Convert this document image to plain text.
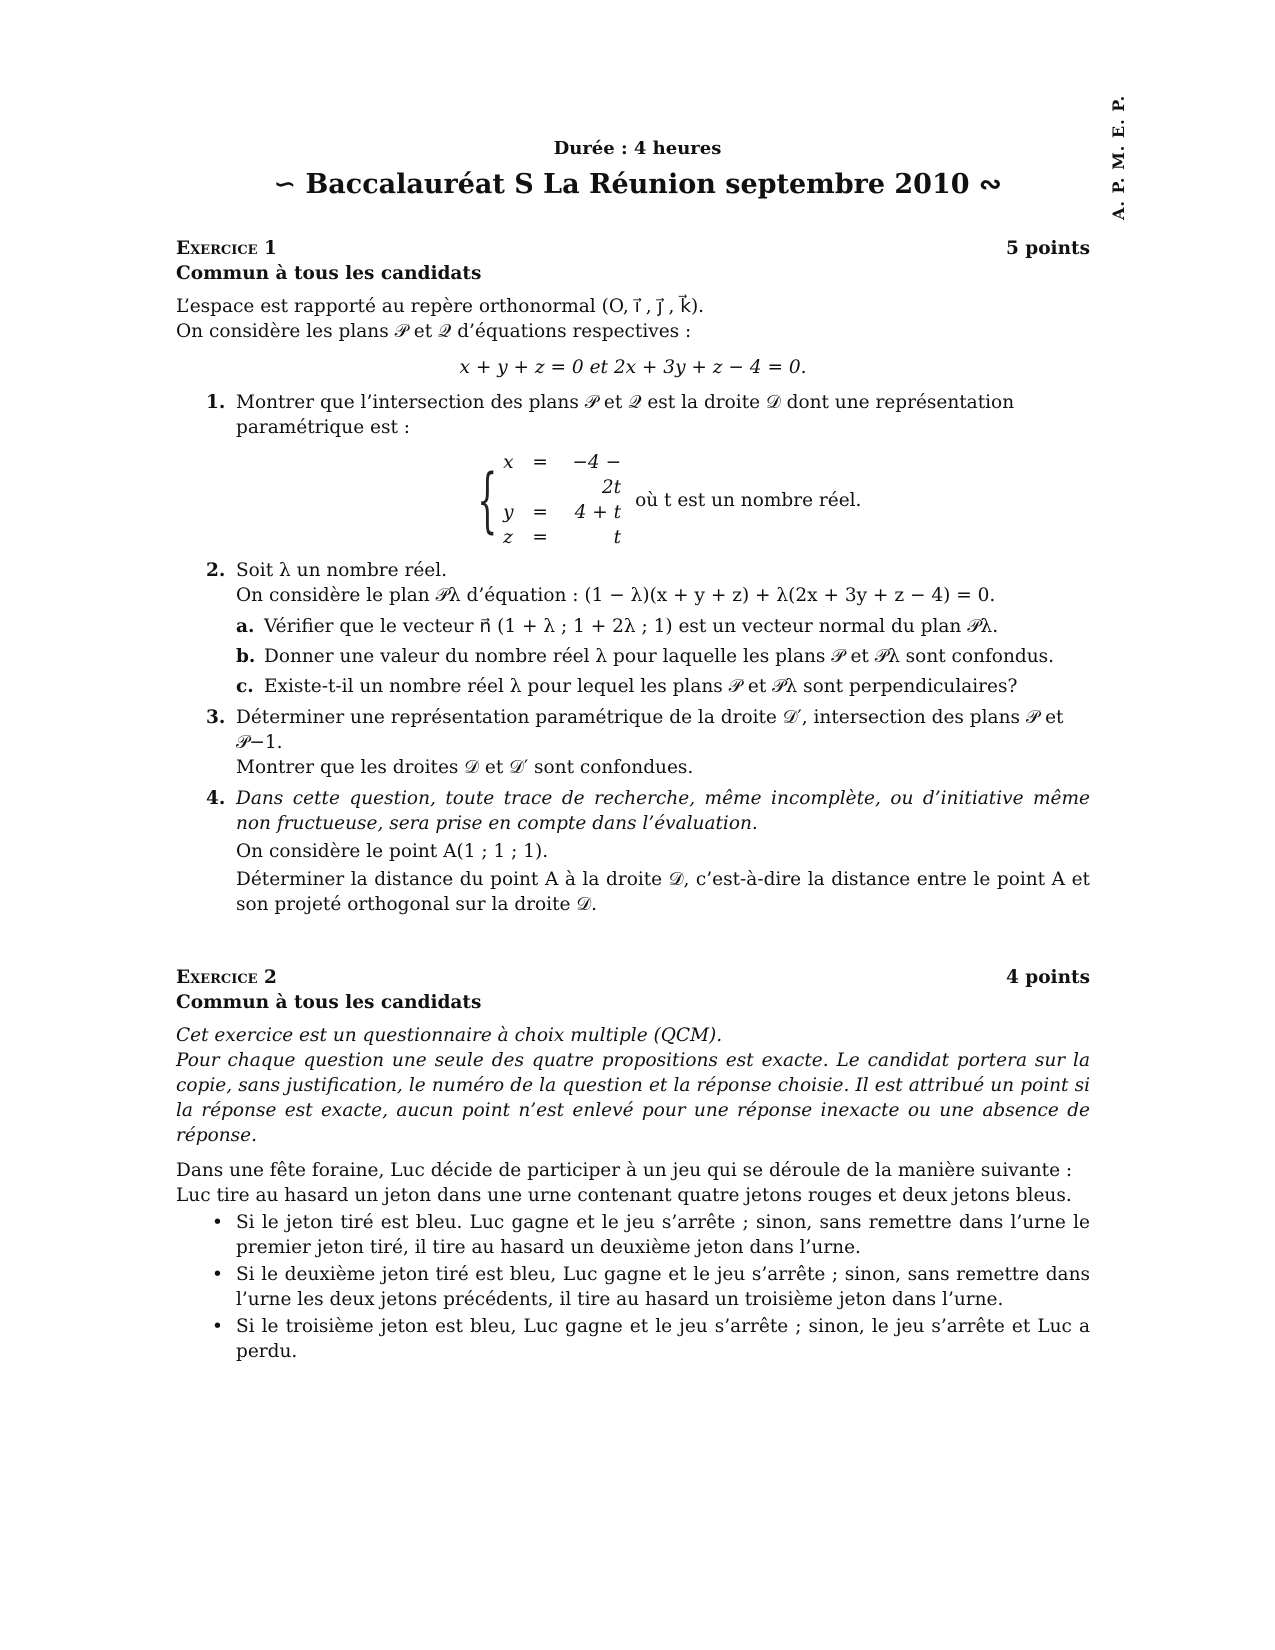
A. P. M. E. P.
Durée : 4 heures
∽ Baccalauréat S La Réunion septembre 2010 ∾
Exercice 1	5 points
Commun à tous les candidats

L’espace est rapporté au repère orthonormal (O, i⃗ , j⃗ , k⃗).

On considère les plans 𝒫 et 𝒬 d’équations respectives :

x + y + z = 0 et 2x + 3y + z − 4 = 0.
1. Montrer que l’intersection des plans 𝒫 et 𝒬 est la droite 𝒟 dont une représentation paramétrique est :
{ x	=	−4 − 2t
y	=	4 + t
z	=	t
où t est un nombre réel.
2. Soit λ un nombre réel.

On considère le plan 𝒫λ d’équation : (1 − λ)(x + y + z) + λ(2x + 3y + z − 4) = 0.

a. Vérifier que le vecteur n⃗ (1 + λ ; 1 + 2λ ; 1) est un vecteur normal du plan 𝒫λ.
b. Donner une valeur du nombre réel λ pour laquelle les plans 𝒫 et 𝒫λ sont confondus.
c. Existe-t-il un nombre réel λ pour lequel les plans 𝒫 et 𝒫λ sont perpendiculaires?
3. Déterminer une représentation paramétrique de la droite 𝒟′, intersection des plans 𝒫 et 𝒫−1.

Montrer que les droites 𝒟 et 𝒟′ sont confondues.

4. Dans cette question, toute trace de recherche, même incomplète, ou d’initiative même non fructueuse, sera prise en compte dans l’évaluation.

On considère le point A(1 ; 1 ; 1).

Déterminer la distance du point A à la droite 𝒟, c’est-à-dire la distance entre le point A et son projeté orthogonal sur la droite 𝒟.

Exercice 2	4 points
Commun à tous les candidats

Cet exercice est un questionnaire à choix multiple (QCM).

Pour chaque question une seule des quatre propositions est exacte. Le candidat portera sur la copie, sans justification, le numéro de la question et la réponse choisie. Il est attribué un point si la réponse est exacte, aucun point n’est enlevé pour une réponse inexacte ou une absence de réponse.

Dans une fête foraine, Luc décide de participer à un jeu qui se déroule de la manière suivante :

Luc tire au hasard un jeton dans une urne contenant quatre jetons rouges et deux jetons bleus.

• Si le jeton tiré est bleu. Luc gagne et le jeu s’arrête ; sinon, sans remettre dans l’urne le premier jeton tiré, il tire au hasard un deuxième jeton dans l’urne.
• Si le deuxième jeton tiré est bleu, Luc gagne et le jeu s’arrête ; sinon, sans remettre dans l’urne les deux jetons précédents, il tire au hasard un troisième jeton dans l’urne.
• Si le troisième jeton est bleu, Luc gagne et le jeu s’arrête ; sinon, le jeu s’arrête et Luc a perdu.
